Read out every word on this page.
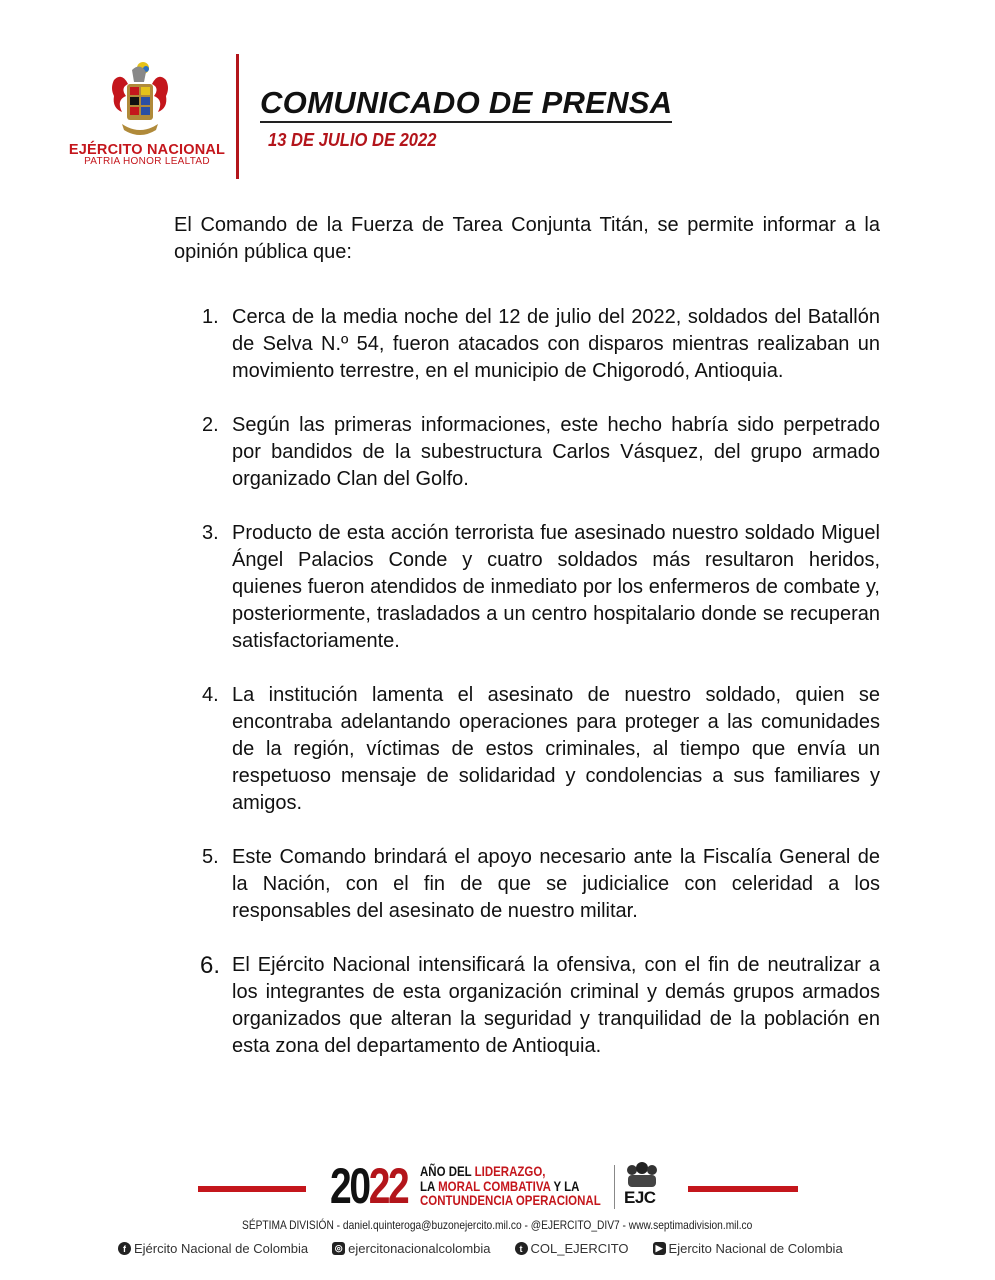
EJÉRCITO NACIONAL
PATRIA HONOR LEALTAD
COMUNICADO DE PRENSA
13 DE JULIO DE 2022

El Comando de la Fuerza de Tarea Conjunta Titán, se permite informar a la opinión pública que:

1. Cerca de la media noche del 12 de julio del 2022, soldados del Batallón de Selva N.º 54, fueron atacados con disparos mientras realizaban un movimiento terrestre, en el municipio de Chigorodó, Antioquia.
2. Según las primeras informaciones, este hecho habría sido perpetrado por bandidos de la subestructura Carlos Vásquez, del grupo armado organizado Clan del Golfo.
3. Producto de esta acción terrorista fue asesinado nuestro soldado Miguel Ángel Palacios Conde y cuatro soldados más resultaron heridos, quienes fueron atendidos de inmediato por los enfermeros de combate y, posteriormente, trasladados a un centro hospitalario donde se recuperan satisfactoriamente.
4. La institución lamenta el asesinato de nuestro soldado, quien se encontraba adelantando operaciones para proteger a las comunidades de la región, víctimas de estos criminales, al tiempo que envía un respetuoso mensaje de solidaridad y condolencias a sus familiares y amigos.
5. Este Comando brindará el apoyo necesario ante la Fiscalía General de la Nación, con el fin de que se judicialice con celeridad a los responsables del asesinato de nuestro militar.
6. El Ejército Nacional intensificará la ofensiva, con el fin de neutralizar a los integrantes de esta organización criminal y demás grupos armados organizados que alteran la seguridad y tranquilidad de la población en esta zona del departamento de Antioquia.
2022 AÑO DEL LIDERAZGO,
LA MORAL COMBATIVA Y LA
CONTUNDENCIA OPERACIONAL EJC
SÉPTIMA DIVISIÓN - daniel.quinteroga@buzonejercito.mil.co - @EJERCITO_DIV7 - www.septimadivision.mil.co
f Ejército Nacional de Colombia	◎ ejercitonacionalcolombia	t COL_EJERCITO	▶ Ejercito Nacional de Colombia
